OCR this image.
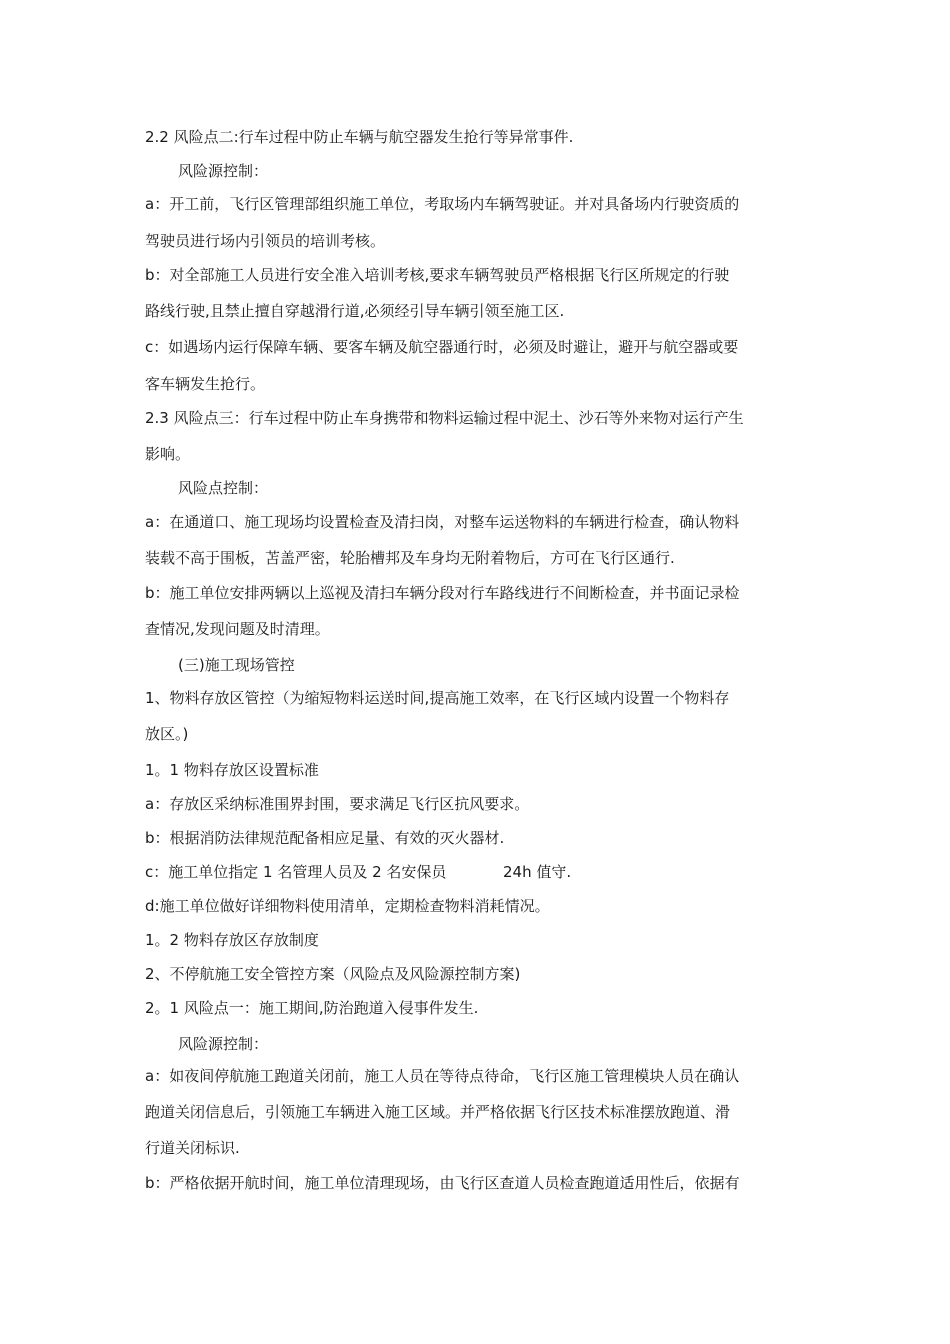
2.2 风险点二:行车过程中防止车辆与航空器发生抢行等异常事件.
风险源控制：
a：开工前，飞行区管理部组织施工单位，考取场内车辆驾驶证。并对具备场内行驶资质的
驾驶员进行场内引领员的培训考核。
b：对全部施工人员进行安全准入培训考核,要求车辆驾驶员严格根据飞行区所规定的行驶
路线行驶,且禁止擅自穿越滑行道,必须经引导车辆引领至施工区.
c：如遇场内运行保障车辆、要客车辆及航空器通行时，必须及时避让，避开与航空器或要
客车辆发生抢行。
2.3 风险点三：行车过程中防止车身携带和物料运输过程中泥土、沙石等外来物对运行产生
影响。
风险点控制：
a：在通道口、施工现场均设置检查及清扫岗，对整车运送物料的车辆进行检查，确认物料
装载不高于围板，苫盖严密，轮胎槽邦及车身均无附着物后，方可在飞行区通行.
b：施工单位安排两辆以上巡视及清扫车辆分段对行车路线进行不间断检查，并书面记录检
查情况,发现问题及时清理。
(三)施工现场管控
1、物料存放区管控（为缩短物料运送时间,提高施工效率，在飞行区域内设置一个物料存
放区。)
1。1 物料存放区设置标准
a：存放区采纳标准围界封围，要求满足飞行区抗风要求。
b：根据消防法律规范配备相应足量、有效的灭火器材.
c：施工单位指定 1 名管理人员及 2 名安保员	24h 值守.
d:施工单位做好详细物料使用清单，定期检查物料消耗情况。
1。2 物料存放区存放制度
2、不停航施工安全管控方案（风险点及风险源控制方案)
2。1 风险点一：施工期间,防治跑道入侵事件发生.
风险源控制：
a：如夜间停航施工跑道关闭前，施工人员在等待点待命，飞行区施工管理模块人员在确认
跑道关闭信息后，引领施工车辆进入施工区域。并严格依据飞行区技术标准摆放跑道、滑
行道关闭标识.
b：严格依据开航时间，施工单位清理现场，由飞行区查道人员检查跑道适用性后，依据有
